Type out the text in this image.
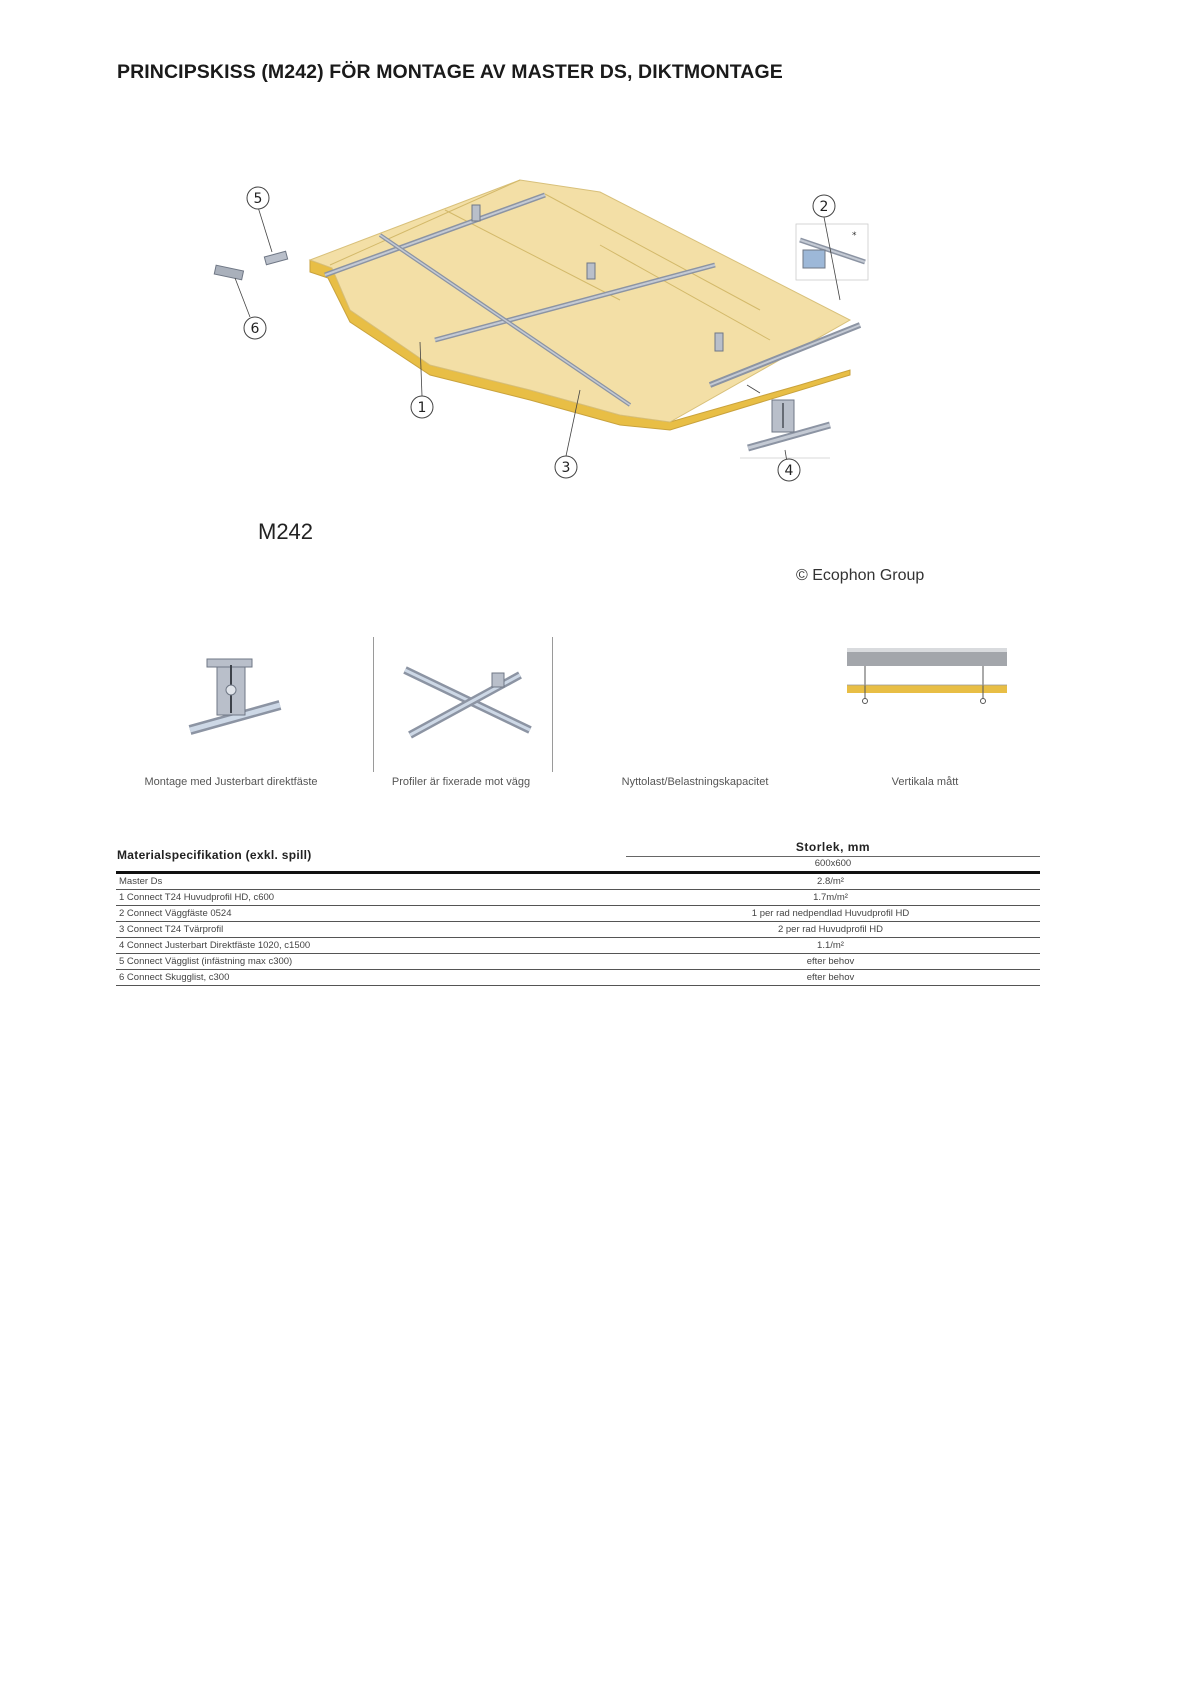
PRINCIPSKISS (M242) FÖR MONTAGE AV MASTER DS, DIKTMONTAGE
*
5
6
1
2
3	4
M242
© Ecophon Group
Montage med Justerbart direktfäste	Profiler är fixerade mot vägg	Nyttolast/Belastningskapacitet	Vertikala mått
Materialspecifikation (exkl. spill)
Storlek, mm
600x600
Master Ds	2.8/m²
1 Connect T24 Huvudprofil HD, c600	1.7m/m²
2 Connect Väggfäste 0524	1 per rad nedpendlad Huvudprofil HD
3 Connect T24 Tvärprofil	2 per rad Huvudprofil HD
4 Connect Justerbart Direktfäste 1020, c1500	1.1/m²
5 Connect Vägglist (infästning max c300)	efter behov
6 Connect Skugglist, c300	efter behov
